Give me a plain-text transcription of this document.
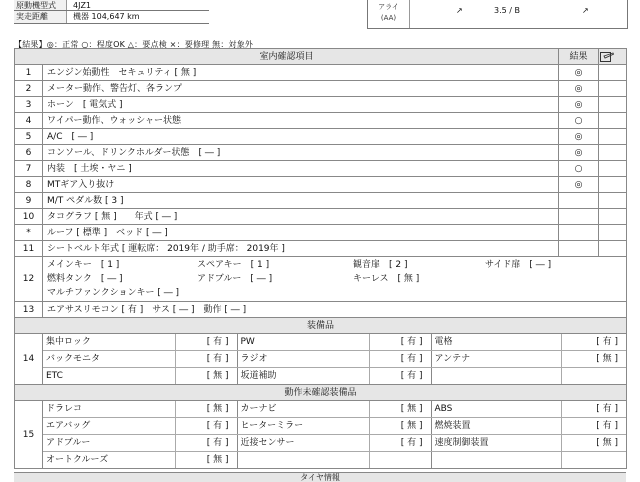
原動機型式	4JZ1
実走距離	機器 104,647 km
アライ
(AA)
↗	3.5 / B	↗
【結果】◎：正常 ○：程度OK △：要点検 ×：要修理 無：対象外
室内確認項目	結果	

1	エンジン始動性　セキュリティ [ 無 ]	◎	
2	メーター動作、警告灯、各ランプ	◎	
3	ホーン　[ 電気式 ]	◎	
4	ワイパー動作、ウォッシャー状態	○	
5	A/C　[ ― ]	◎	
6	コンソール、ドリンクホルダー状態　[ ― ]	◎	
7	内装　[ 土埃・ヤニ ]	○	
8	MTギア入り抜け	◎	
9	M/T ペダル数 [ 3 ]		
10	タコグラフ [ 無 ]　　年式 [ ― ]		
*	ルーフ [ 標準 ]　ベッド [ ― ]		
11	シートベルト年式 [ 運転席： 2019年 / 助手席： 2019年 ]		
12	
メインキー　[ 1 ]	スペアキー　[ 1 ]	観音扉　[ 2 ]	サイド扉　[ ― ]
燃料タンク　[ ― ]	アドブルー　[ ― ]	キーレス　[ 無 ]
マルチファンクションキー [ ― ]

13	エアサスリモコン [ 有 ]　サス [ ― ]　動作 [ ― ]
装備品
14	
集中ロック	[ 有 ]	PW	[ 有 ]	電格	[ 有 ]
バックモニタ	[ 有 ]	ラジオ	[ 有 ]	アンテナ	[ 無 ]
ETC	[ 無 ]	坂道補助	[ 有 ]		

動作未確認装備品
15	
ドラレコ	[ 無 ]	カーナビ	[ 無 ]	ABS	[ 有 ]
エアバッグ	[ 有 ]	ヒーターミラー	[ 無 ]	燃焼装置	[ 有 ]
アドブルー	[ 有 ]	近接センサー	[ 有 ]	速度制御装置	[ 無 ]
オートクルーズ	[ 無 ]				
タイヤ情報
